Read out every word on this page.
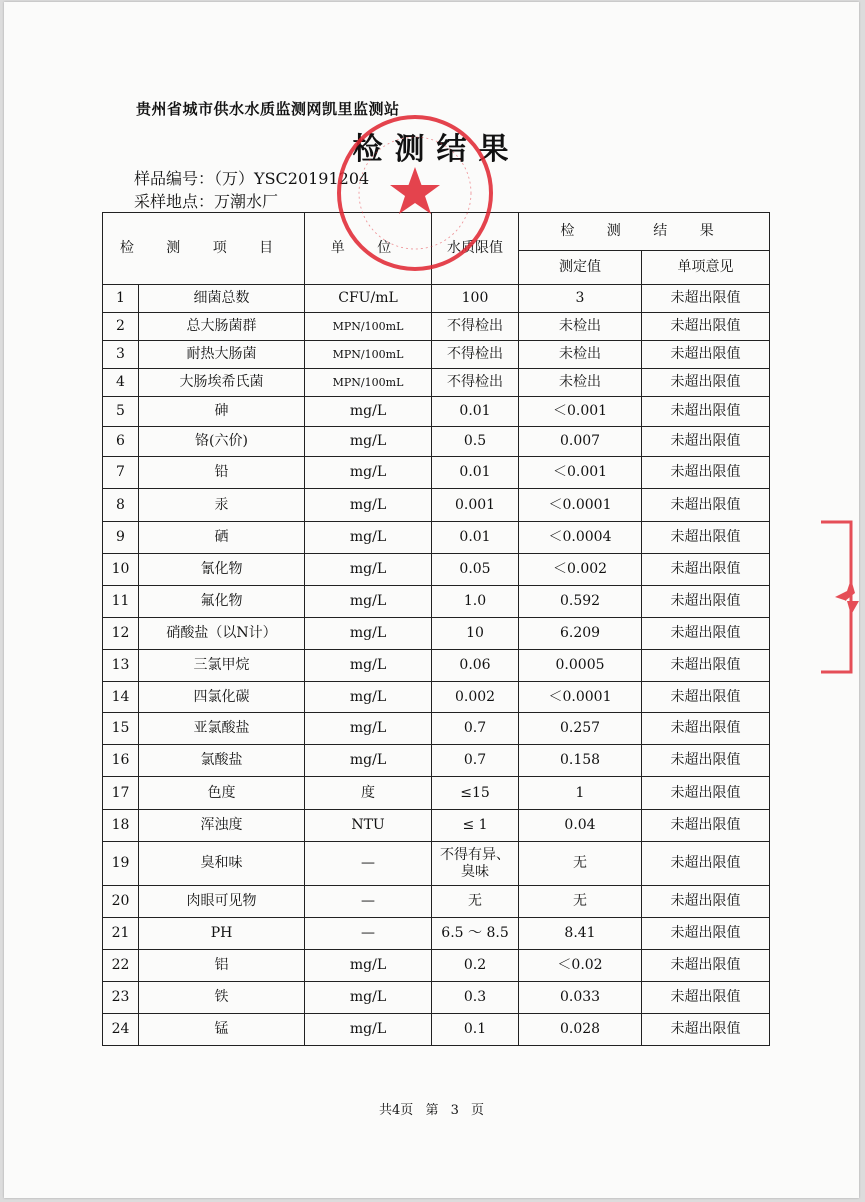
贵州省城市供水水质监测网凯里监测站
检测结果
样品编号：（万）YSC20191204
采样地点：万潮水厂
检 测 项 目		单 位	水质限值	检 测 结 果	
				测定值	单项意见
1	细菌总数	CFU/mL	100	3	未超出限值
2	总大肠菌群	MPN/100mL	不得检出	未检出	未超出限值
3	耐热大肠菌	MPN/100mL	不得检出	未检出	未超出限值
4	大肠埃希氏菌	MPN/100mL	不得检出	未检出	未超出限值
5	砷	mg/L	0.01	＜0.001	未超出限值
6	铬(六价)	mg/L	0.5	0.007	未超出限值
7	铅	mg/L	0.01	＜0.001	未超出限值
8	汞	mg/L	0.001	＜0.0001	未超出限值
9	硒	mg/L	0.01	＜0.0004	未超出限值
10	氰化物	mg/L	0.05	＜0.002	未超出限值
11	氟化物	mg/L	1.0	0.592	未超出限值
12	硝酸盐（以N计）	mg/L	10	6.209	未超出限值
13	三氯甲烷	mg/L	0.06	0.0005	未超出限值
14	四氯化碳	mg/L	0.002	＜0.0001	未超出限值
15	亚氯酸盐	mg/L	0.7	0.257	未超出限值
16	氯酸盐	mg/L	0.7	0.158	未超出限值
17	色度	度	≤15	1	未超出限值
18	浑浊度	NTU	≤ 1	0.04	未超出限值
19	臭和味	—	不得有异、臭味	无	未超出限值
20	肉眼可见物	—	无	无	未超出限值
21	PH	—	6.5 ～ 8.5	8.41	未超出限值
22	铝	mg/L	0.2	＜0.02	未超出限值
23	铁	mg/L	0.3	0.033	未超出限值
24	锰	mg/L	0.1	0.028	未超出限值
共4页 第 3 页
